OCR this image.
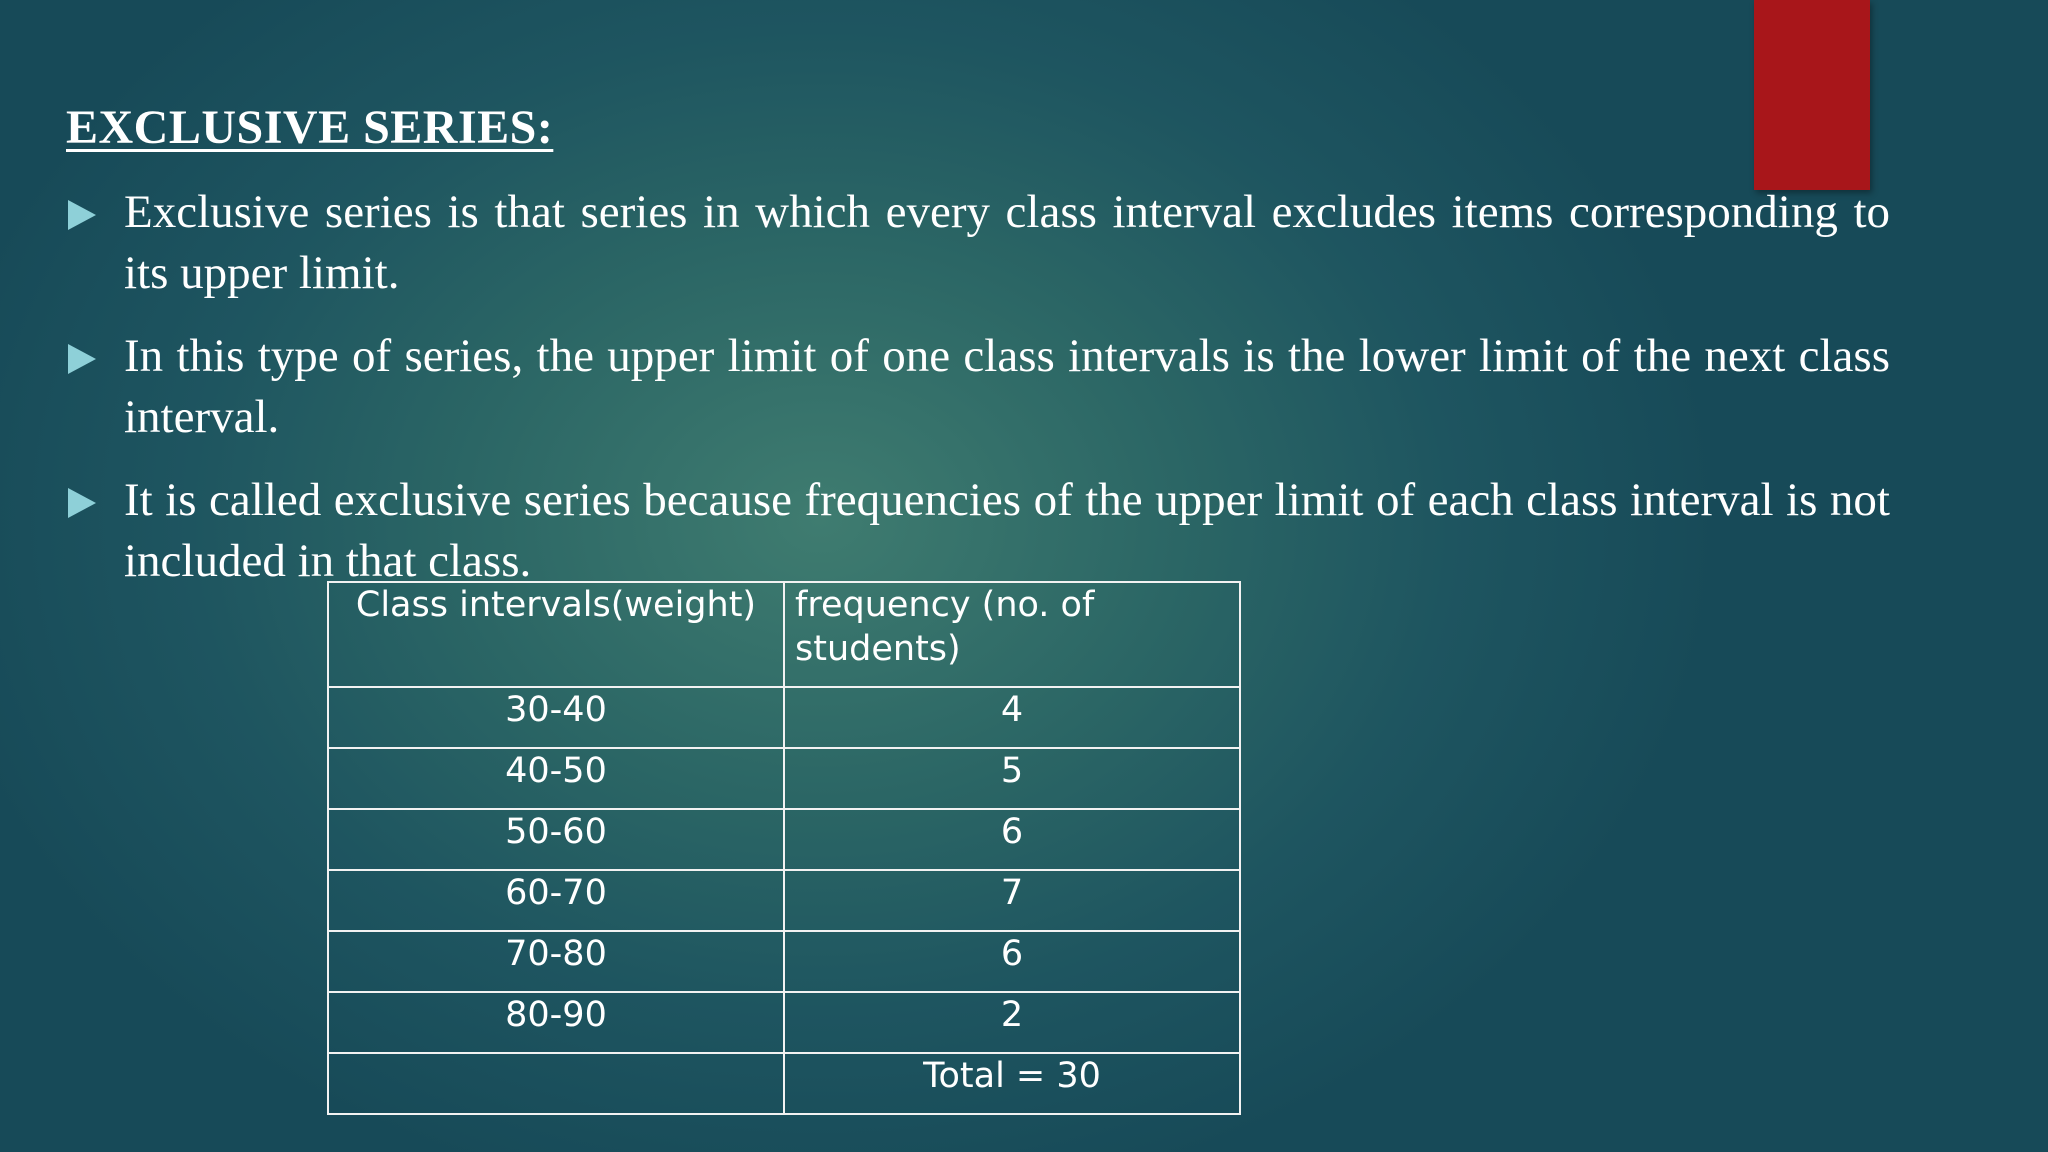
EXCLUSIVE SERIES:
Exclusive series is that series in which every class interval excludes items corresponding to its upper limit.
In this type of series, the upper limit of one class intervals is the lower limit of the next class interval.
It is called exclusive series because frequencies of the upper limit of each class interval is not included in that class.
Class intervals(weight)	frequency (no. of students)
30-40	4
40-50	5
50-60	6
60-70	7
70-80	6
80-90	2
	Total = 30
